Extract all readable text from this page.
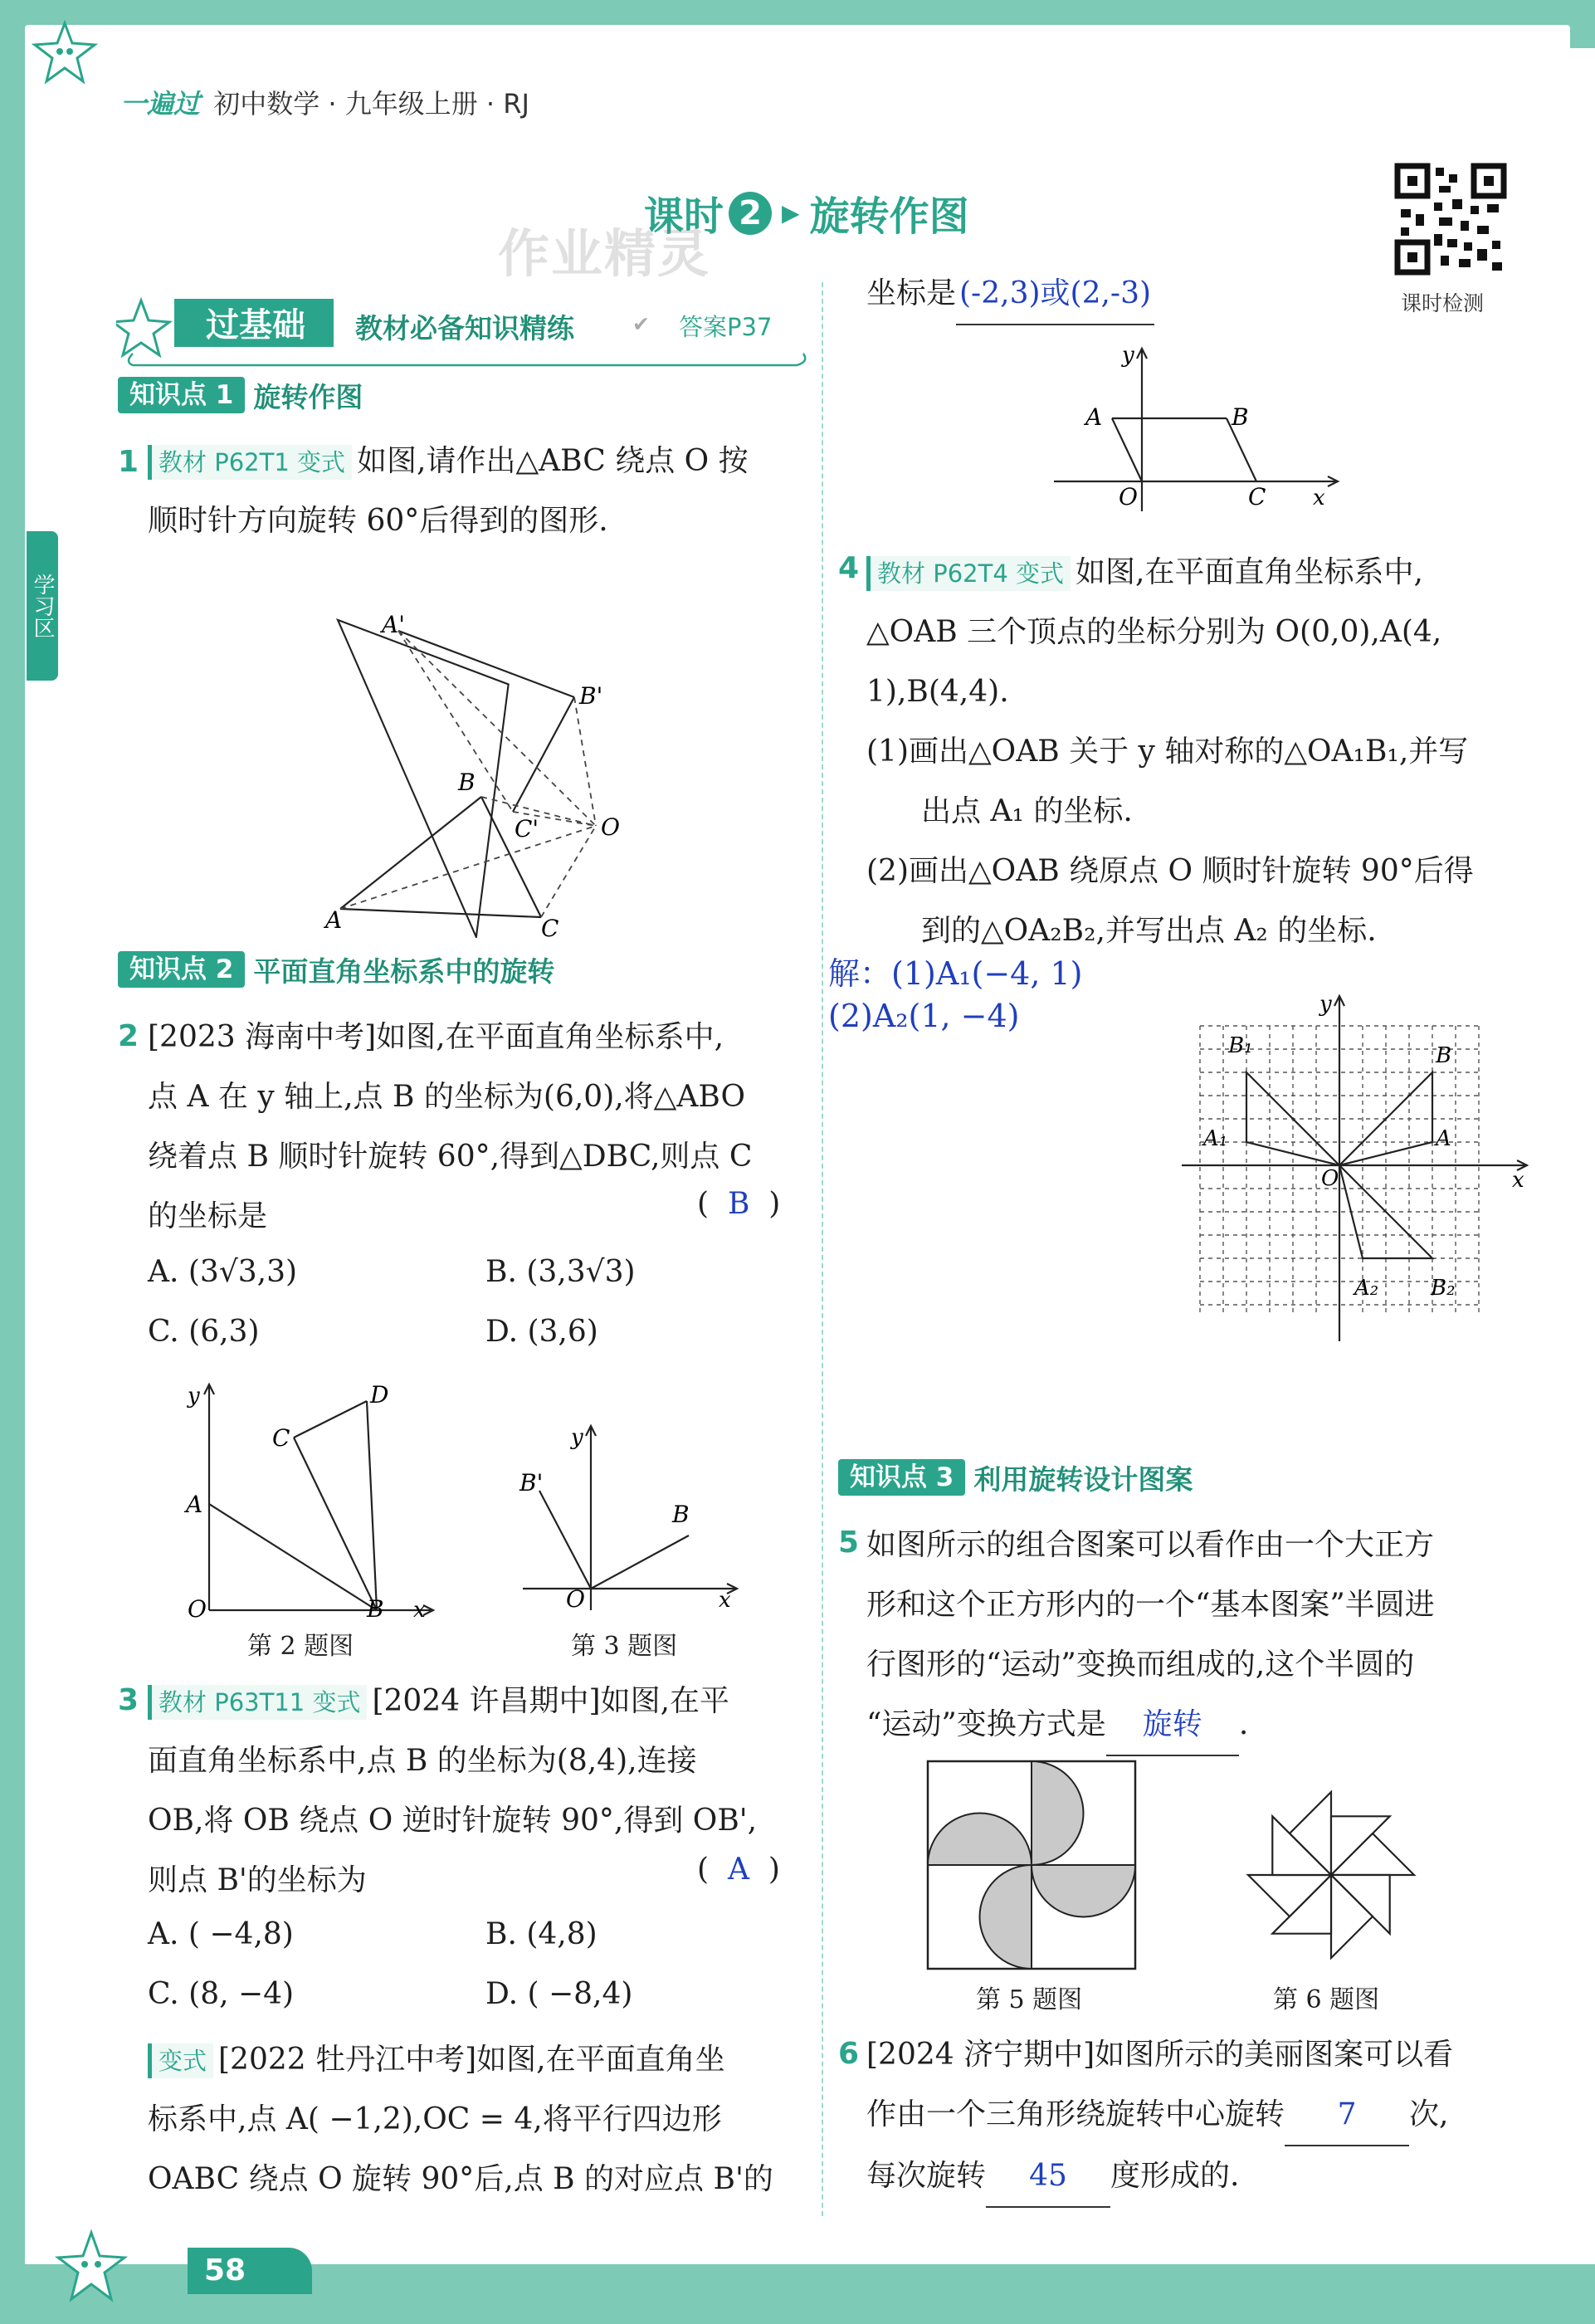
一遍过 初中数学 · 九年级上册 · RJ
课时 2 ▶ 旋转作图
作业精灵
课时检测
过基础 教材必备知识精练	✔ 答案P37
学习区
知识点 1 旋转作图
1 教材 P62T1 变式 如图,请作出△ABC 绕点 O 按
顺时针方向旋转 60°后得到的图形.
A'
B'
B
C'	O
A	C
知识点 2 平面直角坐标系中的旋转
2 [2023 海南中考]如图,在平面直角坐标系中,
点 A 在 y 轴上,点 B 的坐标为(6,0),将△ABO
绕着点 B 顺时针旋转 60°,得到△DBC,则点 C
的坐标是	(  B  )
A. (3√3,3)	B. (3,3√3)
C. (6,3)	D. (3,6)
y	D
C
A
O	B x
第 2 题图
y
B'
B
O	x
第 3 题图
3 教材 P63T11 变式 [2024 许昌期中]如图,在平
面直角坐标系中,点 B 的坐标为(8,4),连接
OB,将 OB 绕点 O 逆时针旋转 90°,得到 OB',
则点 B'的坐标为	(  A  )
A. ( −4,8)	B. (4,8)
C. (8, −4)	D. ( −8,4)
变式 [2022 牡丹江中考]如图,在平面直角坐
标系中,点 A( −1,2),OC = 4,将平行四边形
OABC 绕点 O 旋转 90°后,点 B 的对应点 B'的
58
坐标是 (-2,3)或(2,-3)
y
A	B
O	C x
4 教材 P62T4 变式 如图,在平面直角坐标系中,
△OAB 三个顶点的坐标分别为 O(0,0),A(4,
1),B(4,4).
(1)画出△OAB 关于 y 轴对称的△OA₁B₁,并写
出点 A₁ 的坐标.
(2)画出△OAB 绕原点 O 顺时针旋转 90°后得
到的△OA₂B₂,并写出点 A₂ 的坐标.
解：(1)A₁(−4, 1)
(2)A₂(1, −4)	y
B₁	B
A₁	A
O	x
A₂ B₂
知识点 3 利用旋转设计图案
5 如图所示的组合图案可以看作由一个大正方
形和这个正方形内的一个“基本图案”半圆进
行图形的“运动”变换而组成的,这个半圆的
“运动”变换方式是 旋转 .
第 5 题图	第 6 题图
6 [2024 济宁期中]如图所示的美丽图案可以看
作由一个三角形绕旋转中心旋转 7 次,
每次旋转 45 度形成的.
